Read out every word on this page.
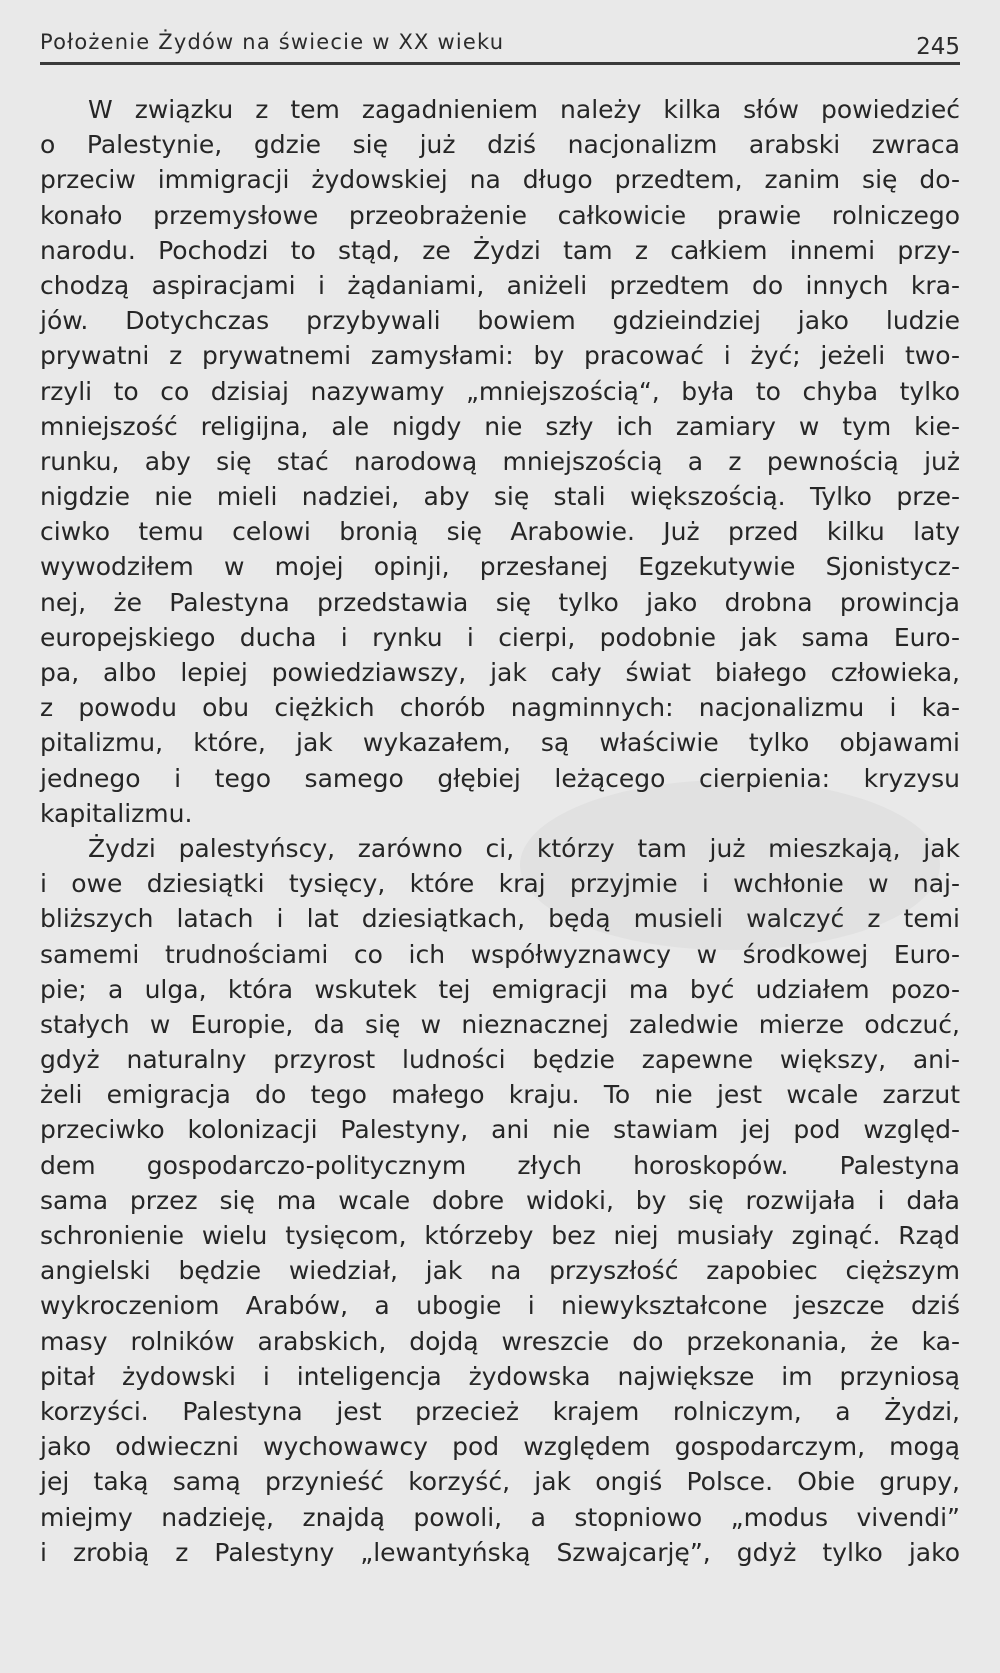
Położenie Żydów na świecie w XX wieku	245
W związku z tem zagadnieniem należy kilka słów powiedzieć
o Palestynie, gdzie się już dziś nacjonalizm arabski zwraca
przeciw immigracji żydowskiej na długo przedtem, zanim się do-
konało przemysłowe przeobrażenie całkowicie prawie rolniczego
narodu. Pochodzi to stąd, ze Żydzi tam z całkiem innemi przy-
chodzą aspiracjami i żądaniami, aniżeli przedtem do innych kra-
jów. Dotychczas przybywali bowiem gdzieindziej jako ludzie
prywatni z prywatnemi zamysłami: by pracować i żyć; jeżeli two-
rzyli to co dzisiaj nazywamy „mniejszością“, była to chyba tylko
mniejszość religijna, ale nigdy nie szły ich zamiary w tym kie-
runku, aby się stać narodową mniejszością a z pewnością już
nigdzie nie mieli nadziei, aby się stali większością. Tylko prze-
ciwko temu celowi bronią się Arabowie. Już przed kilku laty
wywodziłem w mojej opinji, przesłanej Egzekutywie Sjonistycz-
nej, że Palestyna przedstawia się tylko jako drobna prowincja
europejskiego ducha i rynku i cierpi, podobnie jak sama Euro-
pa, albo lepiej powiedziawszy, jak cały świat białego człowieka,
z powodu obu ciężkich chorób nagminnych: nacjonalizmu i ka-
pitalizmu, które, jak wykazałem, są właściwie tylko objawami
jednego i tego samego głębiej leżącego cierpienia: kryzysu
kapitalizmu.
Żydzi palestyńscy, zarówno ci, którzy tam już mieszkają, jak
i owe dziesiątki tysięcy, które kraj przyjmie i wchłonie w naj-
bliższych latach i lat dziesiątkach, będą musieli walczyć z temi
samemi trudnościami co ich współwyznawcy w środkowej Euro-
pie; a ulga, która wskutek tej emigracji ma być udziałem pozo-
stałych w Europie, da się w nieznacznej zaledwie mierze odczuć,
gdyż naturalny przyrost ludności będzie zapewne większy, ani-
żeli emigracja do tego małego kraju. To nie jest wcale zarzut
przeciwko kolonizacji Palestyny, ani nie stawiam jej pod względ-
dem gospodarczo-politycznym złych horoskopów. Palestyna
sama przez się ma wcale dobre widoki, by się rozwijała i dała
schronienie wielu tysięcom, którzeby bez niej musiały zginąć. Rząd
angielski będzie wiedział, jak na przyszłość zapobiec cięższym
wykroczeniom Arabów, a ubogie i niewykształcone jeszcze dziś
masy rolników arabskich, dojdą wreszcie do przekonania, że ka-
pitał żydowski i inteligencja żydowska największe im przyniosą
korzyści. Palestyna jest przecież krajem rolniczym, a Żydzi,
jako odwieczni wychowawcy pod względem gospodarczym, mogą
jej taką samą przynieść korzyść, jak ongiś Polsce. Obie grupy,
miejmy nadzieję, znajdą powoli, a stopniowo „modus vivendi”
i zrobią z Palestyny „lewantyńską Szwajcarję”, gdyż tylko jako
